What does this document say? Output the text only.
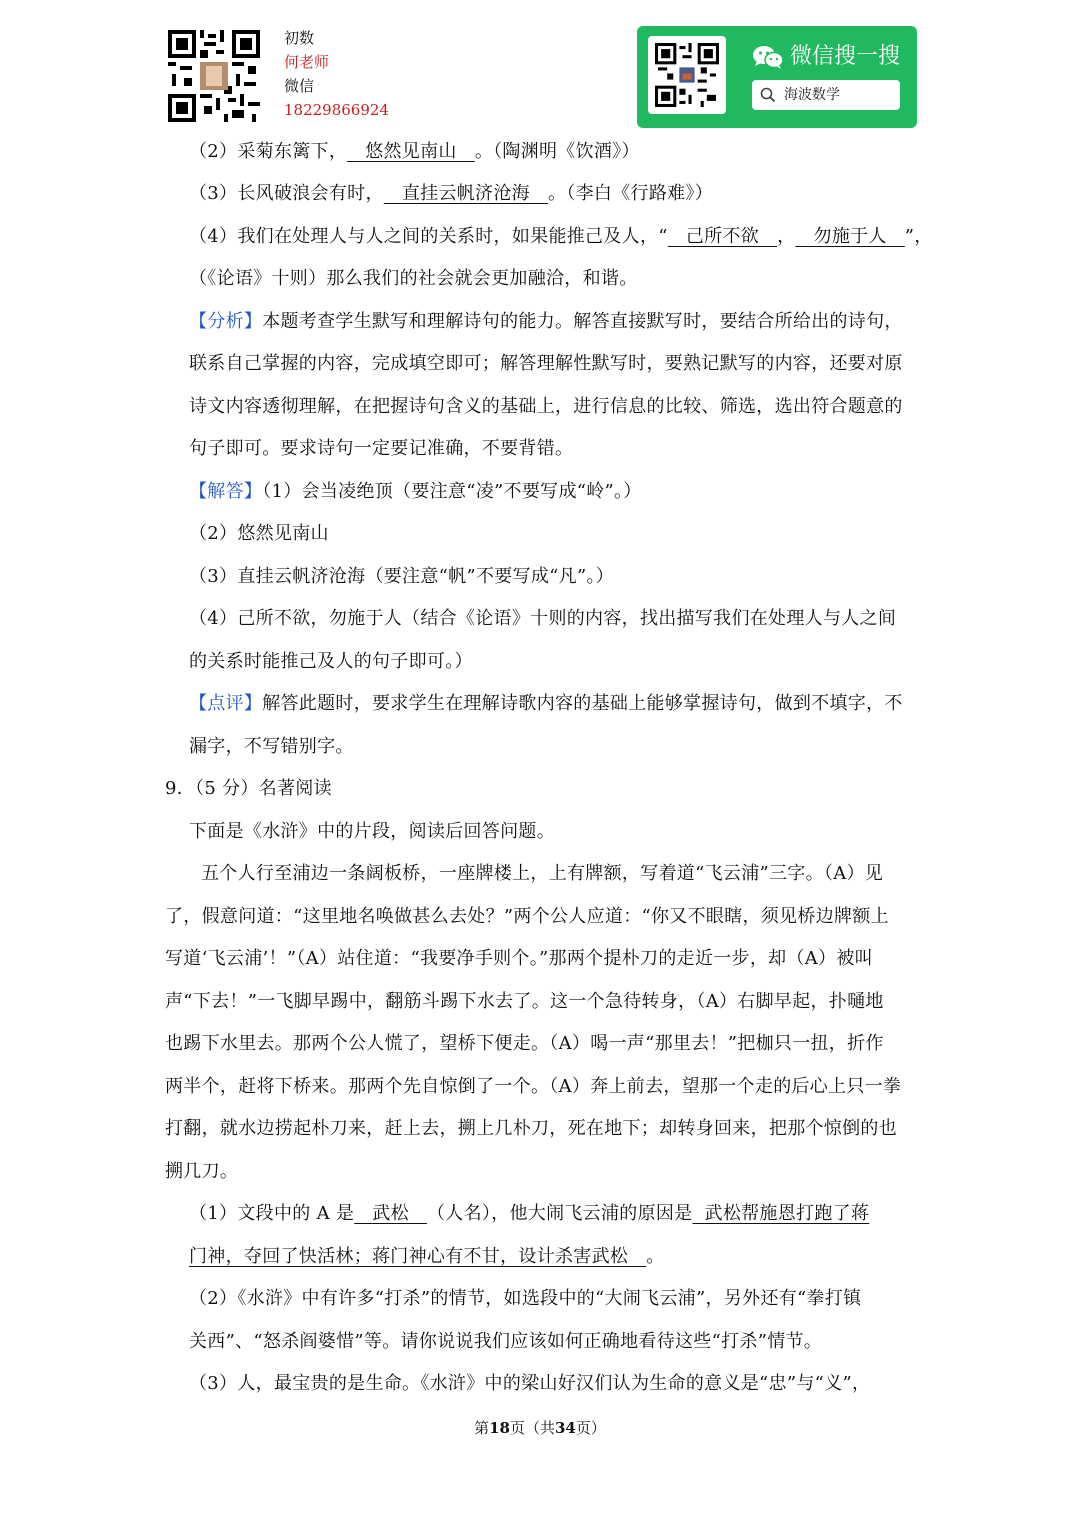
初数
何老师
微信
18229866924
微信搜一搜
海波数学
（2）采菊东篱下， 悠然见南山 。（陶渊明《饮酒》）
（3）长风破浪会有时， 直挂云帆济沧海 。（李白《行路难》）
（4）我们在处理人与人之间的关系时，如果能推己及人，“ 己所不欲 ， 勿施于人 ”，
（《论语》十则）那么我们的社会就会更加融洽，和谐。
【分析】本题考查学生默写和理解诗句的能力。解答直接默写时，要结合所给出的诗句，
联系自己掌握的内容，完成填空即可；解答理解性默写时，要熟记默写的内容，还要对原
诗文内容透彻理解，在把握诗句含义的基础上，进行信息的比较、筛选，选出符合题意的
句子即可。要求诗句一定要记准确，不要背错。
【解答】（1）会当凌绝顶（要注意“凌”不要写成“岭”。）
（2）悠然见南山
（3）直挂云帆济沧海（要注意“帆”不要写成“凡”。）
（4）己所不欲，勿施于人（结合《论语》十则的内容，找出描写我们在处理人与人之间
的关系时能推己及人的句子即可。）
【点评】解答此题时，要求学生在理解诗歌内容的基础上能够掌握诗句，做到不填字，不
漏字，不写错别字。
9．（5 分）名著阅读
下面是《水浒》中的片段，阅读后回答问题。
五个人行至浦边一条阔板桥，一座牌楼上，上有牌额，写着道“飞云浦”三字。（A）见
了，假意问道：“这里地名唤做甚么去处？”两个公人应道：“你又不眼瞎，须见桥边牌额上
写道‘飞云浦’！”（A）站住道：“我要净手则个。”那两个提朴刀的走近一步，却（A）被叫
声“下去！”一飞脚早踢中，翻筋斗踢下水去了。这一个急待转身，（A）右脚早起，扑嗵地
也踢下水里去。那两个公人慌了，望桥下便走。（A）喝一声“那里去！”把枷只一扭，折作
两半个，赶将下桥来。那两个先自惊倒了一个。（A）奔上前去，望那一个走的后心上只一拳
打翻，就水边捞起朴刀来，赶上去，搠上几朴刀，死在地下；却转身回来，把那个惊倒的也
搠几刀。
（1）文段中的 A 是 武松 （人名），他大闹飞云浦的原因是 武松帮施恩打跑了蒋
门神，夺回了快活林；蒋门神心有不甘，设计杀害武松 。
（2）《水浒》中有许多“打杀”的情节，如选段中的“大闹飞云浦”，另外还有“拳打镇
关西”、“怒杀阎婆惜”等。请你说说我们应该如何正确地看待这些“打杀”情节。
（3）人，最宝贵的是生命。《水浒》中的梁山好汉们认为生命的意义是“忠”与“义”，
第18页（共34页）
